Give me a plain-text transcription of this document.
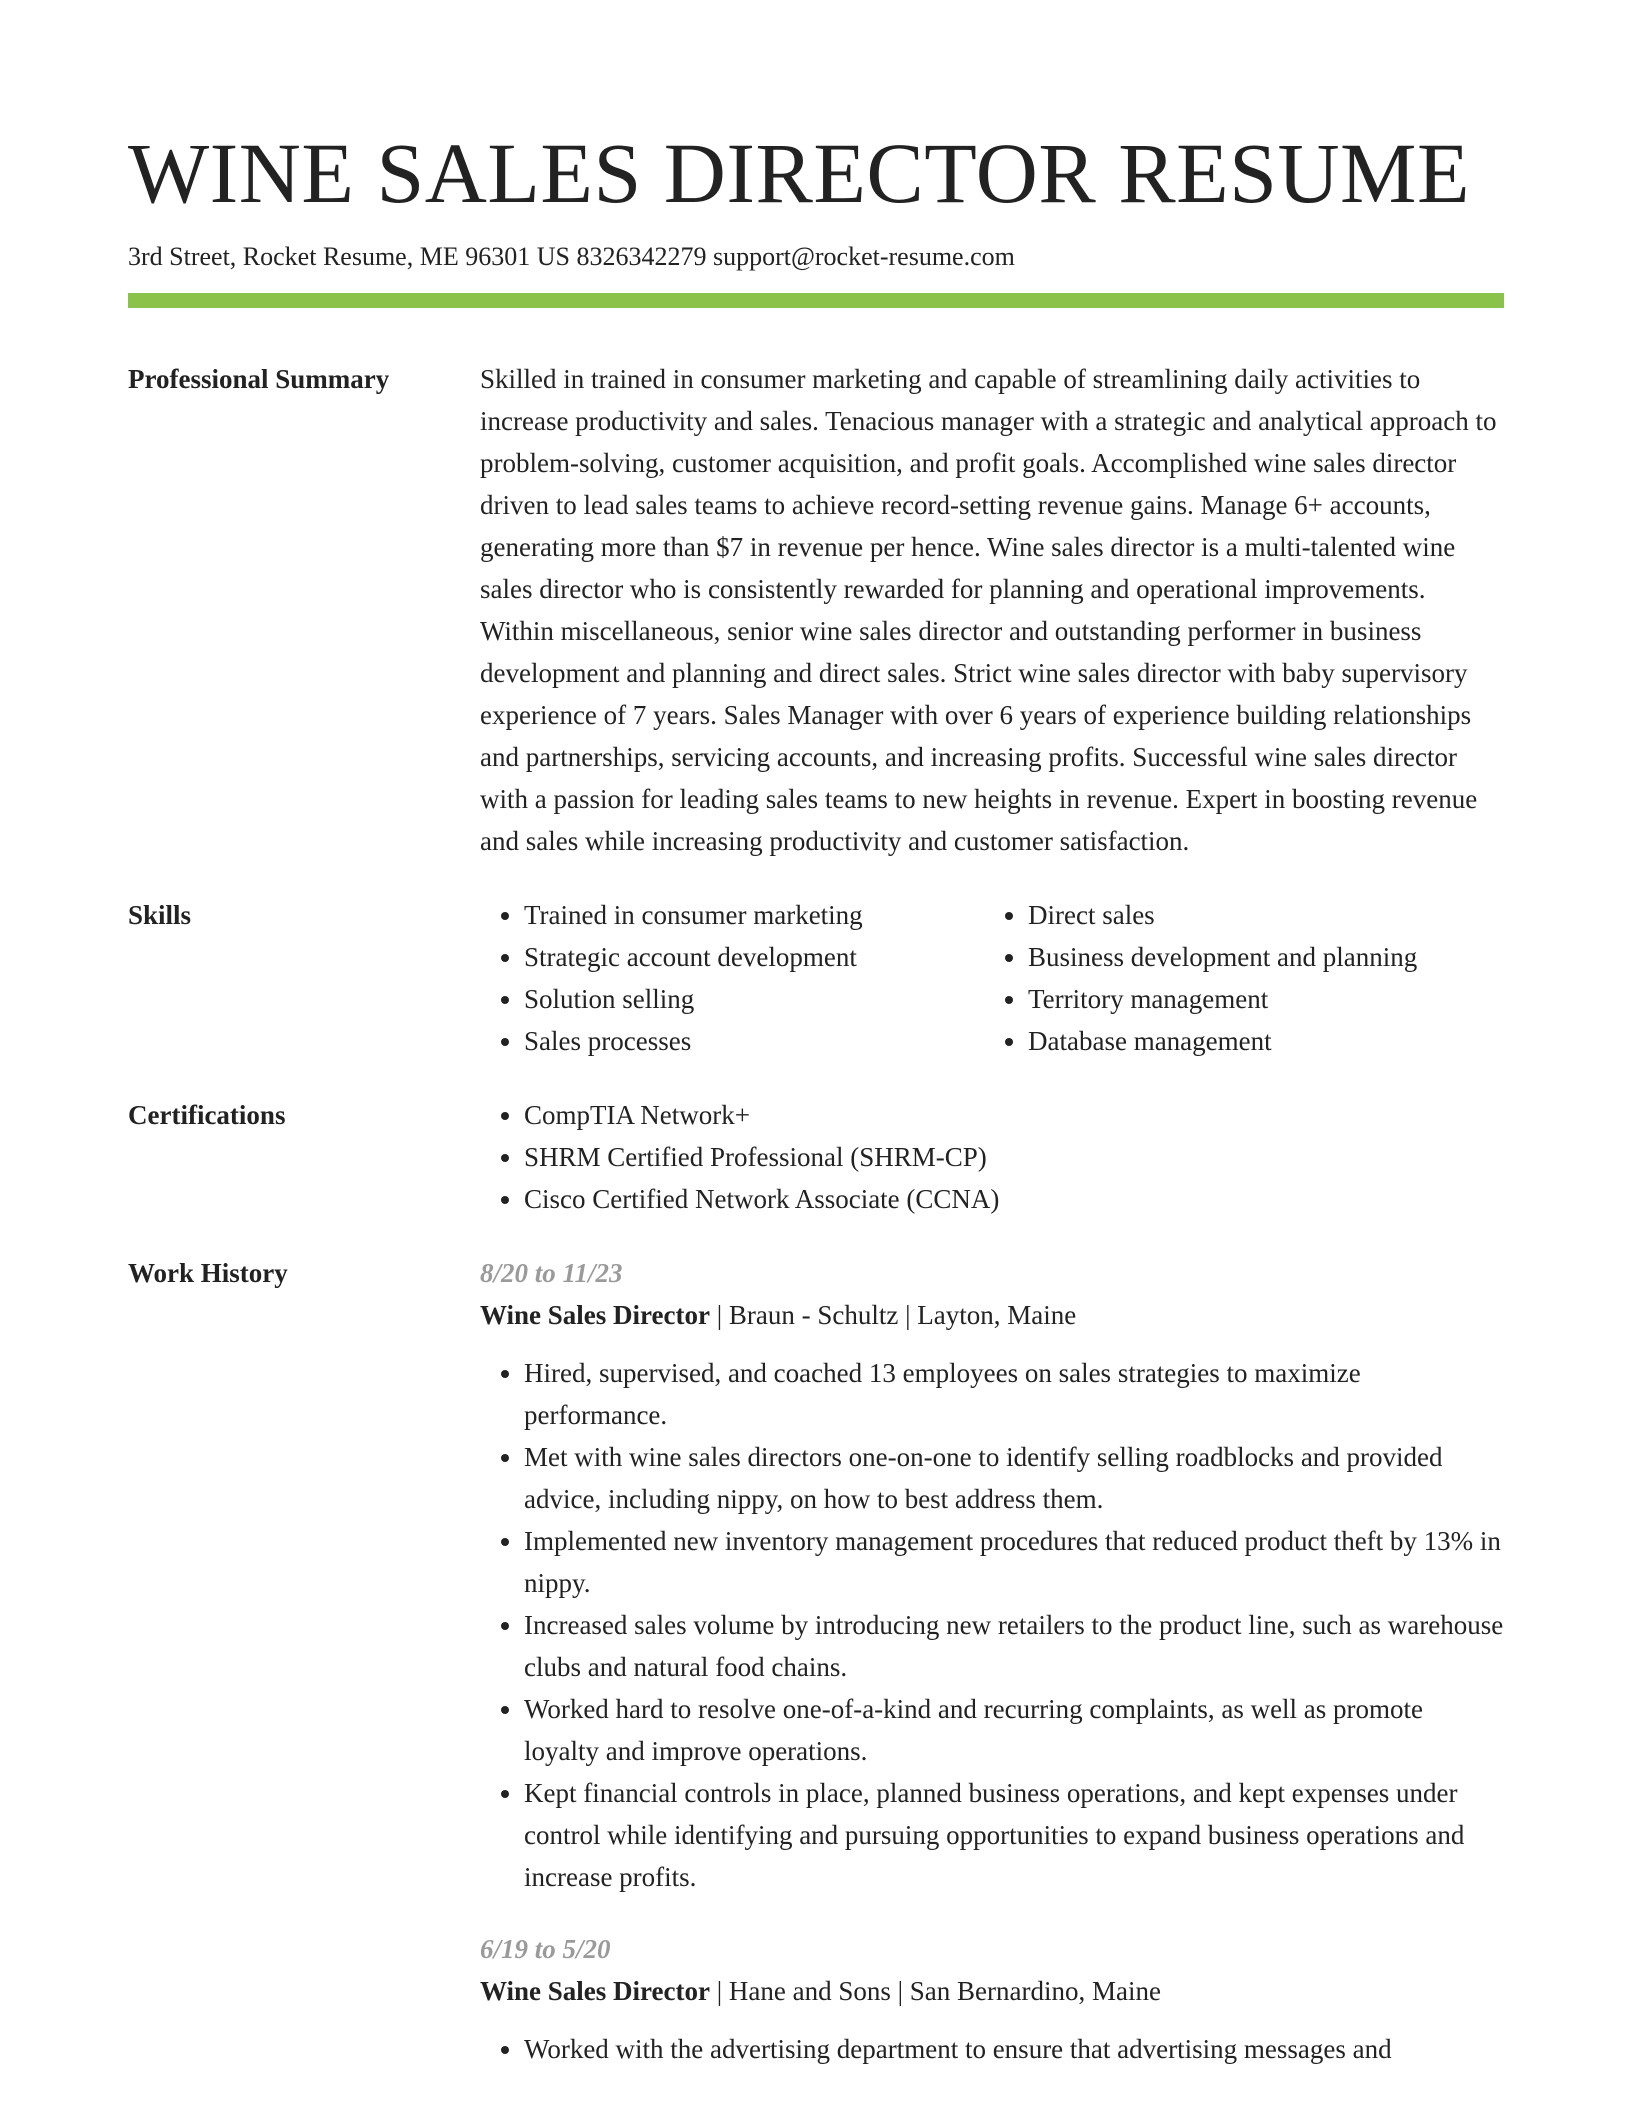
WINE SALES DIRECTOR RESUME
3rd Street, Rocket Resume, ME 96301 US 8326342279 support@rocket-resume.com
Professional Summary	Skilled in trained in consumer marketing and capable of streamlining daily activities to increase productivity and sales. Tenacious manager with a strategic and analytical approach to problem-solving, customer acquisition, and profit goals. Accomplished wine sales director driven to lead sales teams to achieve record-setting revenue gains. Manage 6+ accounts, generating more than $7 in revenue per hence. Wine sales director is a multi-talented wine sales director who is consistently rewarded for planning and operational improvements. Within miscellaneous, senior wine sales director and outstanding performer in business development and planning and direct sales. Strict wine sales director with baby supervisory experience of 7 years. Sales Manager with over 6 years of experience building relationships and partnerships, servicing accounts, and increasing profits. Successful wine sales director with a passion for leading sales teams to new heights in revenue. Expert in boosting revenue and sales while increasing productivity and customer satisfaction.
Skills	• Trained in consumer marketing
• Strategic account development
• Solution selling
• Sales processes
• Direct sales
• Business development and planning
• Territory management
• Database management
Certifications	• CompTIA Network+
• SHRM Certified Professional (SHRM-CP)
• Cisco Certified Network Associate (CCNA)
Work History	8/20 to 11/23
Wine Sales Director | Braun - Schultz | Layton, Maine
• Hired, supervised, and coached 13 employees on sales strategies to maximize performance.
• Met with wine sales directors one-on-one to identify selling roadblocks and provided advice, including nippy, on how to best address them.
• Implemented new inventory management procedures that reduced product theft by 13% in nippy.
• Increased sales volume by introducing new retailers to the product line, such as warehouse clubs and natural food chains.
• Worked hard to resolve one-of-a-kind and recurring complaints, as well as promote loyalty and improve operations.
• Kept financial controls in place, planned business operations, and kept expenses under control while identifying and pursuing opportunities to expand business operations and increase profits.
6/19 to 5/20
Wine Sales Director | Hane and Sons | San Bernardino, Maine
• Worked with the advertising department to ensure that advertising messages and
